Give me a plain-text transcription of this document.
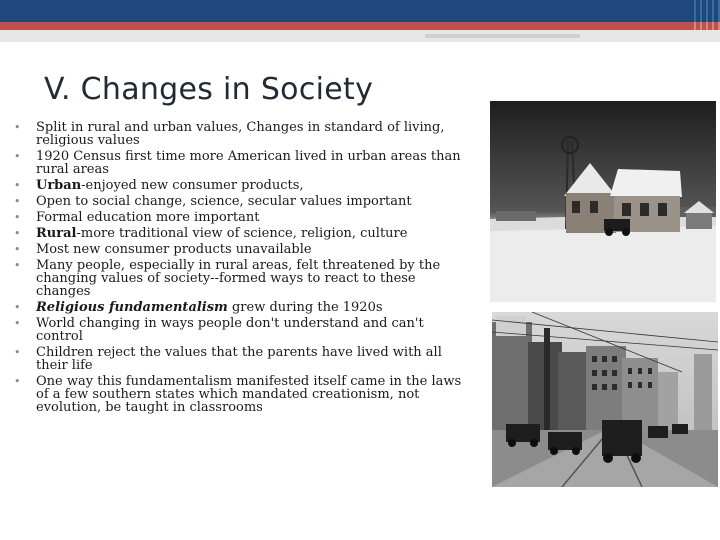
V. Changes in Society
• Split in rural and urban values, Changes in standard of living, religious values
• 1920 Census first time more American lived in urban areas than rural areas
• Urban-enjoyed new consumer products,
• Open to social change, science, secular values important
• Formal education more important
• Rural-more traditional view of science, religion, culture
• Most new consumer products unavailable
• Many people, especially in rural areas, felt threatened by the changing values of society--formed ways to react to these changes
• Religious fundamentalism grew during the 1920s
• World changing in ways people don't understand and can't control
• Children reject the values that the parents have lived with all their life
• One way this fundamentalism manifested itself came in the laws of a few southern states which mandated creationism, not evolution, be taught in classrooms
